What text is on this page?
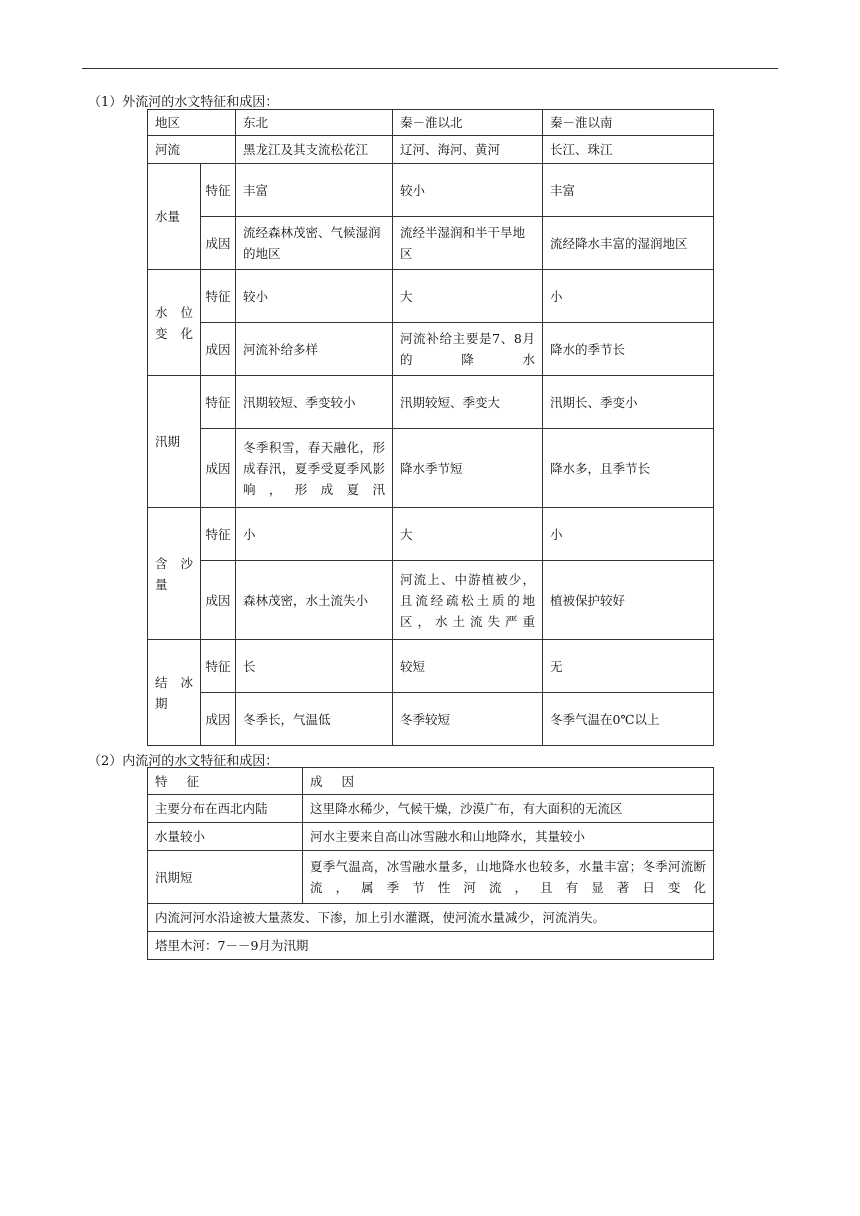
（1）外流河的水文特征和成因：
地区		东北	秦－淮以北	秦－淮以南
河流		黑龙江及其支流松花江	辽河、海河、黄河	长江、珠江
水量	特征	丰富	较小	丰富
	成因	流经森林茂密、气候湿润的地区	流经半湿润和半干旱地区	流经降水丰富的湿润地区
水 位 变化	特征	较小	大	小
	成因	河流补给多样	河流补给主要是7、8月的降水	降水的季节长
汛期	特征	汛期较短、季变较小	汛期较短、季变大	汛期长、季变小
	成因	冬季积雪，春天融化，形成春汛，夏季受夏季风影响，形成夏汛	降水季节短	降水多，且季节长
含 沙 量	特征	小	大	小
	成因	森林茂密，水土流失小	河流上、中游植被少，且流经疏松土质的地区，水土流失严重	植被保护较好
结 冰 期	特征	长	较短	无
	成因	冬季长，气温低	冬季较短	冬季气温在0℃以上
（2）内流河的水文特征和成因：
特 征	成 因
主要分布在西北内陆	这里降水稀少，气候干燥，沙漠广布，有大面积的无流区
水量较小	河水主要来自高山冰雪融水和山地降水，其量较小
汛期短	夏季气温高，冰雪融水量多，山地降水也较多，水量丰富；冬季河流断流，属季节性河流，且有显著日变化
内流河河水沿途被大量蒸发、下渗，加上引水灌溉，使河流水量减少，河流消失。	
塔里木河：7－－9月为汛期	
